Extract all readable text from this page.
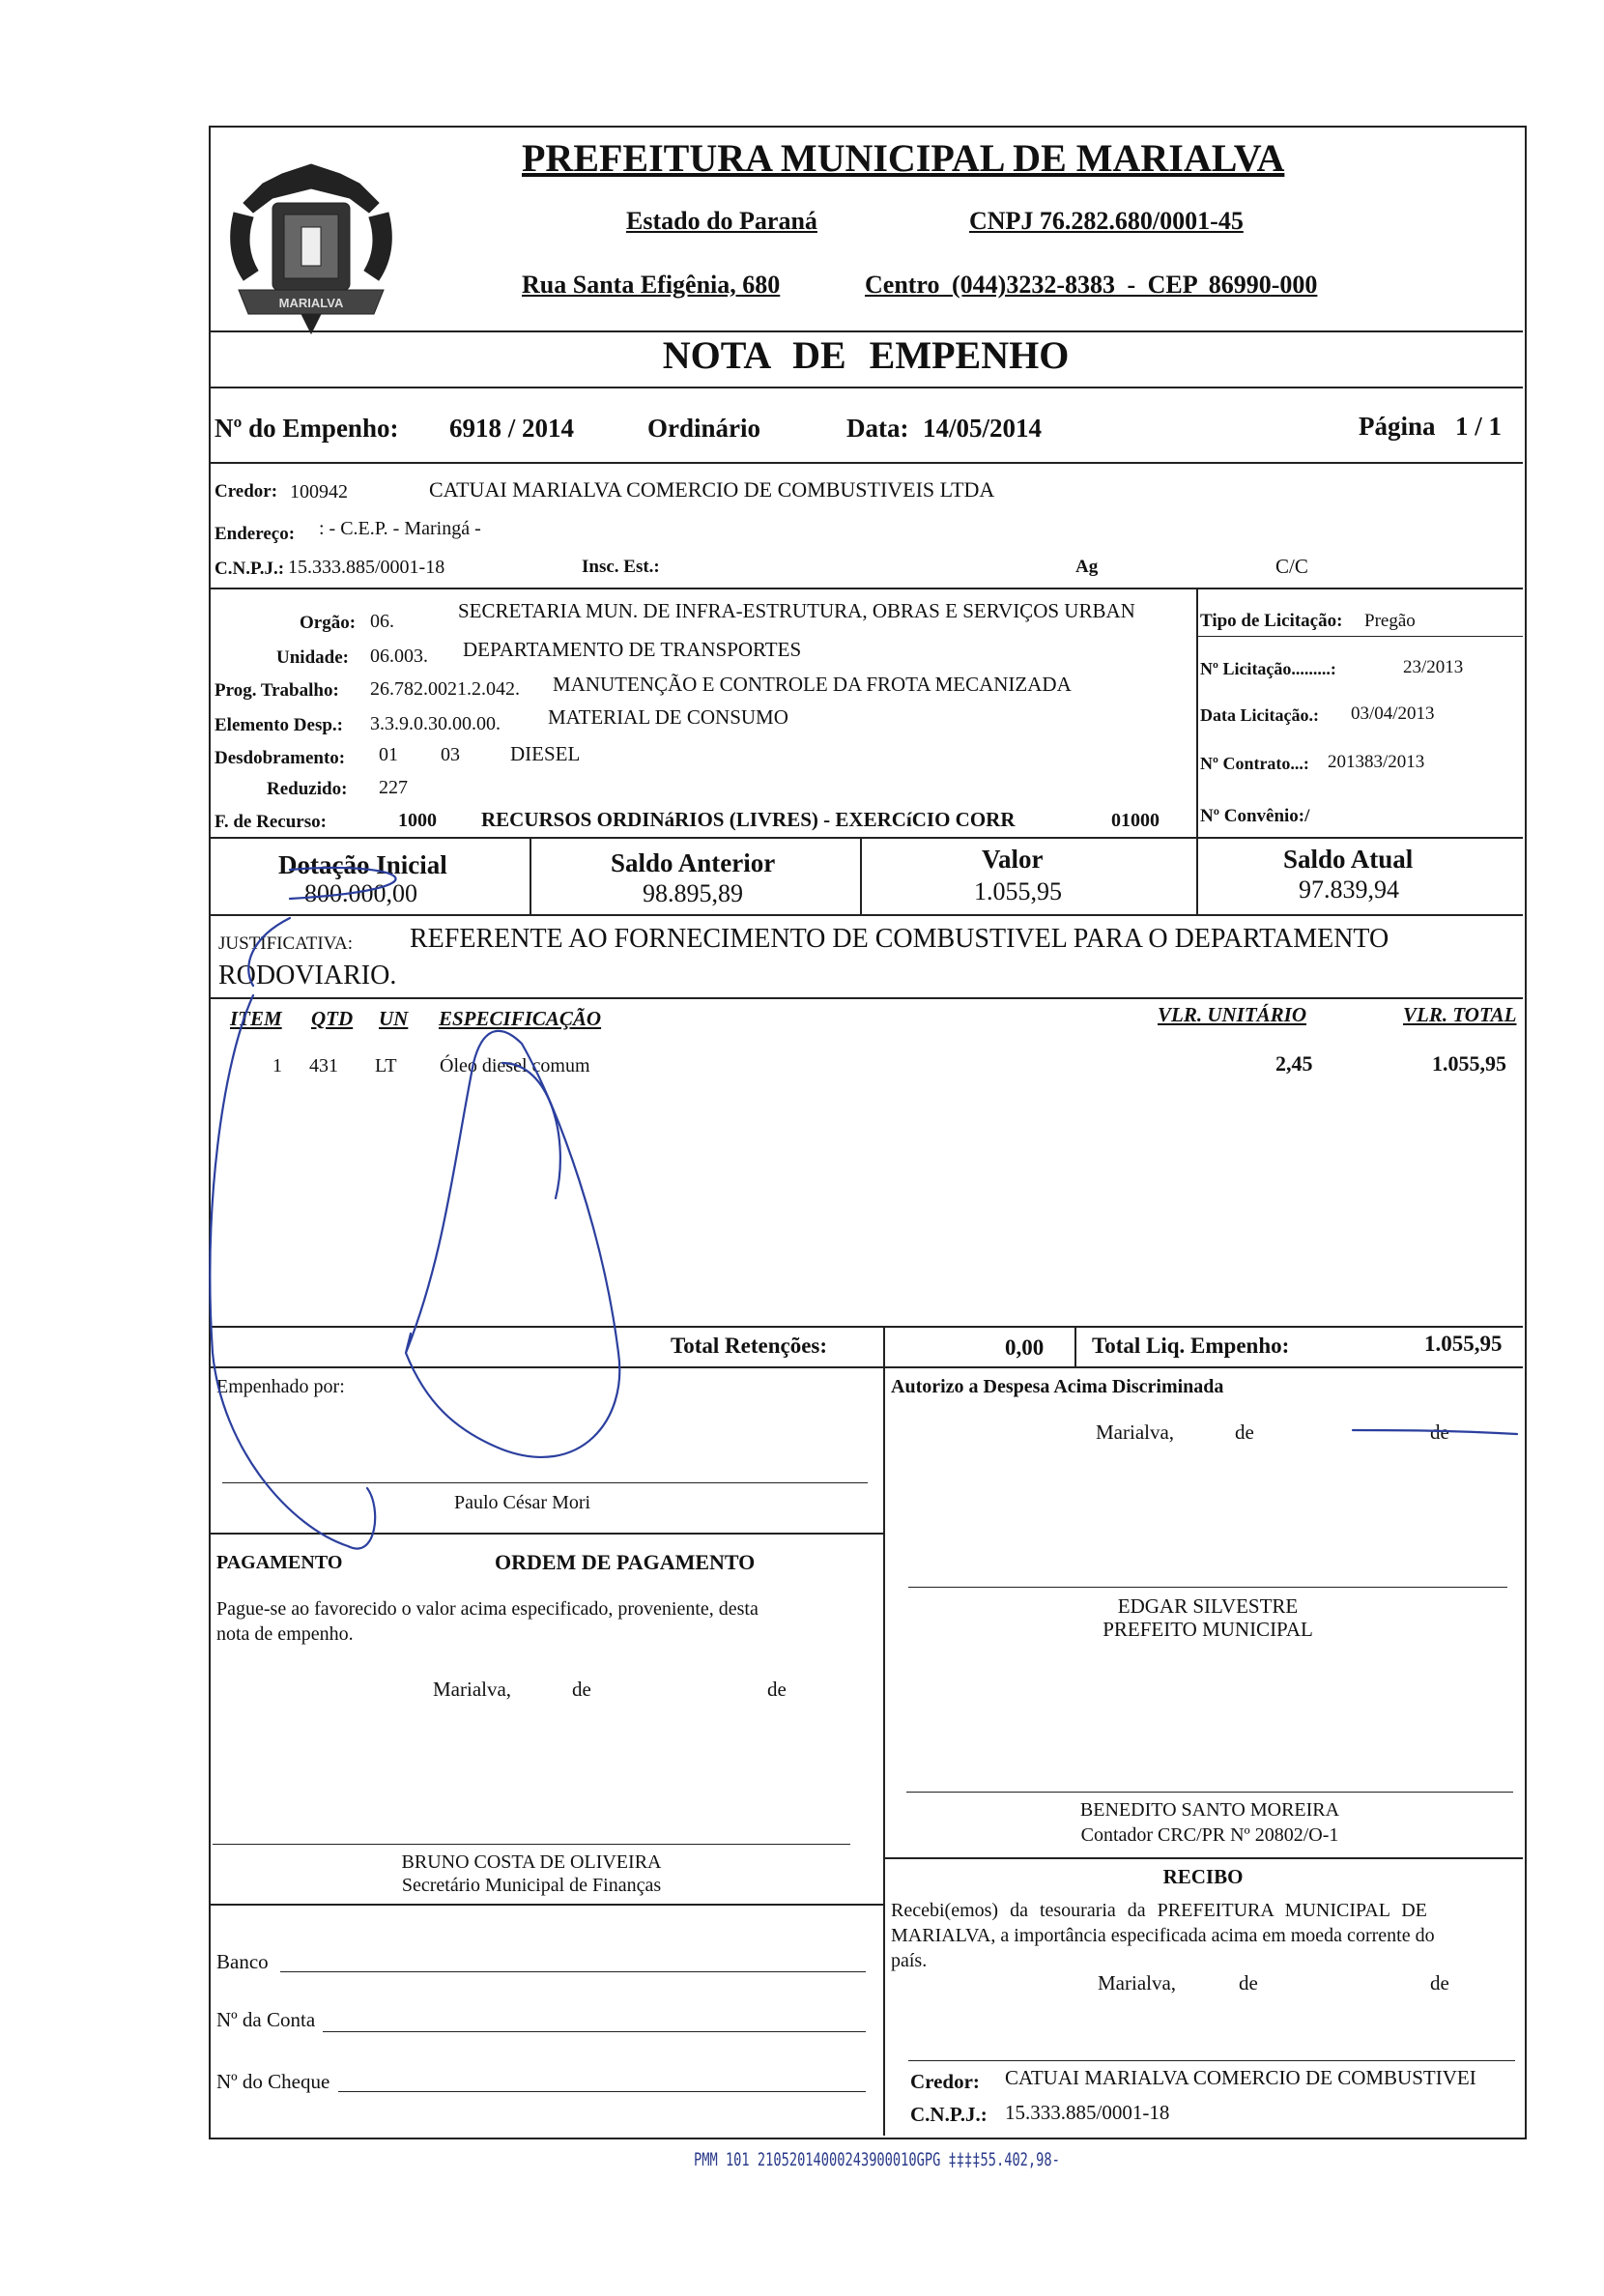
MARIALVA
PREFEITURA MUNICIPAL DE MARIALVA
Estado do Paraná	CNPJ 76.282.680/0001-45
Rua Santa Efigênia, 680	Centro (044)3232-8383 - CEP 86990-000
NOTA DE EMPENHO
Nº do Empenho: 6918 / 2014	Ordinário	Data: 14/05/2014	Página 1 / 1
Credor: 100942	CATUAI MARIALVA COMERCIO DE COMBUSTIVEIS LTDA
Endereço: : - C.E.P. - Maringá -
C.N.P.J.: 15.333.885/0001-18	Insc. Est.:	Ag	C/C
Orgão: 06.	SECRETARIA MUN. DE INFRA-ESTRUTURA, OBRAS E SERVIÇOS URBAN
Unidade: 06.003. DEPARTAMENTO DE TRANSPORTES
Prog. Trabalho: 26.782.0021.2.042. MANUTENÇÃO E CONTROLE DA FROTA MECANIZADA
Elemento Desp.: 3.3.9.0.30.00.00. MATERIAL DE CONSUMO
Desdobramento: 01 03 DIESEL
Reduzido: 227
F. de Recurso:	1000 RECURSOS ORDINáRIOS (LIVRES) - EXERCíCIO CORR	01000
Tipo de Licitação: Pregão
Nº Licitação.........:	23/2013
Data Licitação.: 03/04/2013
Nº Contrato...: 201383/2013
Nº Convênio:/
Dotação Inicial
800.000,00
Saldo Anterior
98.895,89
Valor
1.055,95
Saldo Atual
97.839,94
JUSTIFICATIVA: REFERENTE AO FORNECIMENTO DE COMBUSTIVEL PARA O DEPARTAMENTO
RODOVIARIO.
ITEM QTD UN ESPECIFICAÇÃO	VLR. UNITÁRIO	VLR. TOTAL
1 431 LT Óleo diesel comum	2,45	1.055,95
Total Retenções:	0,00 Total Liq. Empenho:	1.055,95
Empenhado por:
Paulo César Mori
Autorizo a Despesa Acima Discriminada
Marialva,	de	de
PAGAMENTO	ORDEM DE PAGAMENTO
Pague-se ao favorecido o valor acima especificado, proveniente, desta
nota de empenho.
Marialva,	de	de
EDGAR SILVESTRE
PREFEITO MUNICIPAL
BENEDITO SANTO MOREIRA
Contador CRC/PR Nº 20802/O-1
BRUNO COSTA DE OLIVEIRA
Secretário Municipal de Finanças	RECIBO
Recebi(emos) da tesouraria da PREFEITURA MUNICIPAL DE
MARIALVA, a importância especificada acima em moeda corrente do
país.
Marialva,	de	de
Banco
Nº da Conta
Nº do Cheque	Credor: CATUAI MARIALVA COMERCIO DE COMBUSTIVEI
C.N.P.J.: 15.333.885/0001-18
PMM 101 21052014000243900010GPG ‡‡‡‡55.402,98-
